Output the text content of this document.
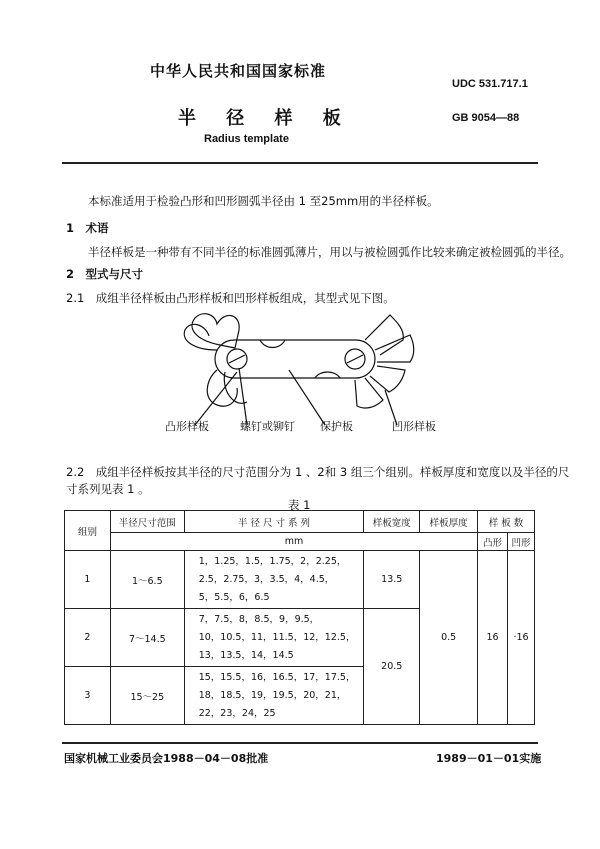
中华人民共和国国家标准
UDC 531.717.1
半 径 样 板	GB 9054—88
Radius template
本标准适用于检验凸形和凹形圆弧半径由 1 至25mm用的半径样板。
1　术语
半径样板是一种带有不同半径的标准圆弧薄片，用以与被检圆弧作比较来确定被检圆弧的半径。
2　型式与尺寸
2.1　成组半径样板由凸形样板和凹形样板组成，其型式见下图。
凸形样板	螺钉或铆钉 保护板	凹形样板
2.2　成组半径样板按其半径的尺寸范围分为 1 、2和 3 组三个组别。样板厚度和宽度以及半径的尺
寸系列见表 1 。
表 1
组别	半径尺寸范围	半 径 尺 寸 系 列	样板宽度	样板厚度	样 板 数	
	mm				凸形	凹形
1	1～6.5	1，1.25，1.5，1.75，2，2.25，
2.5，2.75，3，3.5，4，4.5，
5，5.5，6，6.5	13.5	0.5	16	·16
2	7～14.5	7，7.5，8，8.5，9，9.5，
10，10.5，11，11.5，12，12.5，
13，13.5，14，14.5	20.5			
3	15～25	15，15.5，16，16.5，17，17.5，
18，18.5，19，19.5，20，21，
22，23，24，25				
国家机械工业委员会1988－04－08批准	1989－01－01实施
